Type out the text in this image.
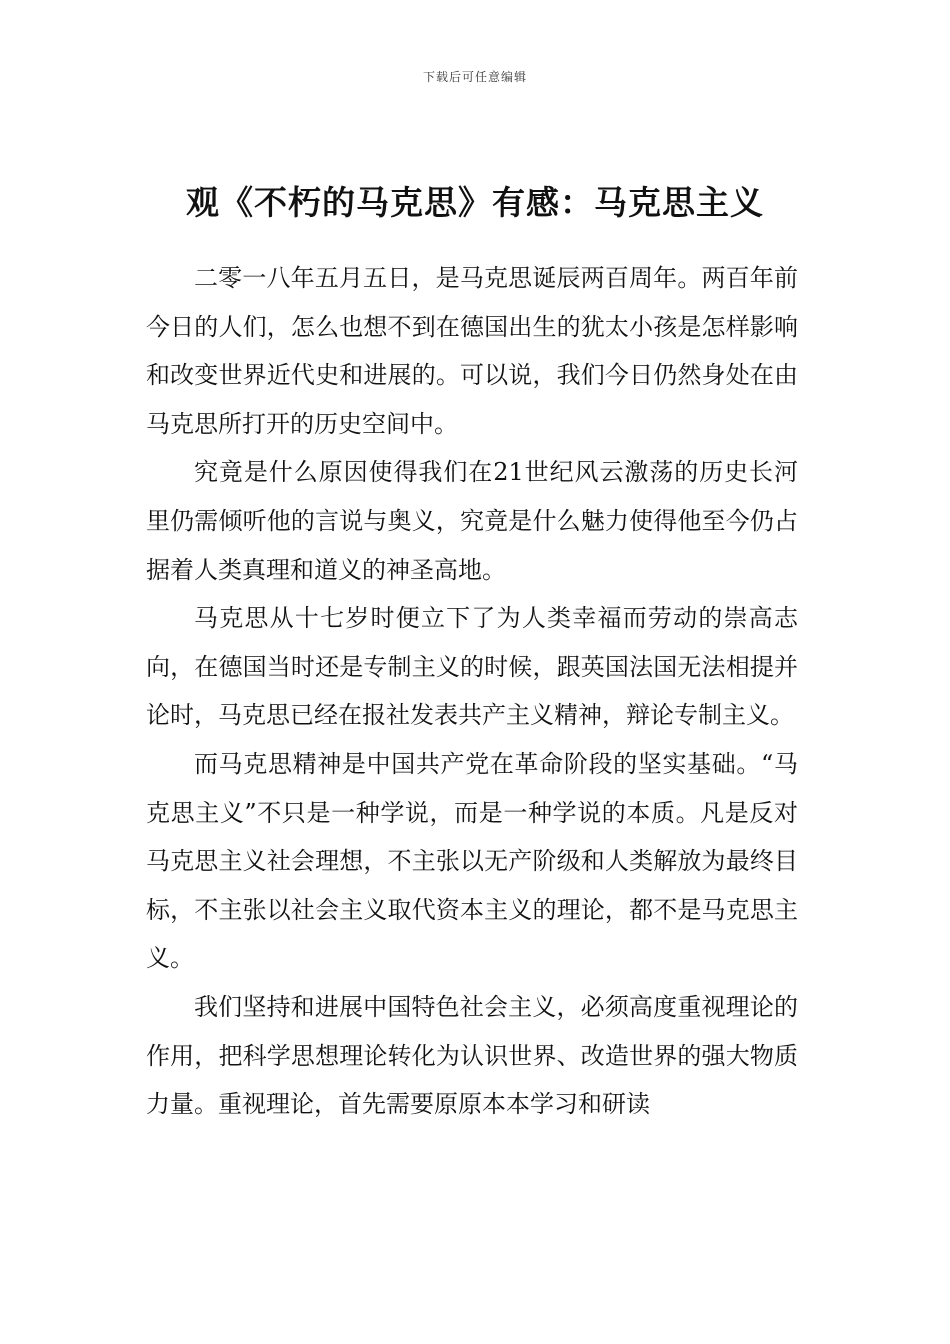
下载后可任意编辑
观《不朽的马克思》有感：马克思主义

二零一八年五月五日，是马克思诞辰两百周年。两百年前今日的人们，怎么也想不到在德国出生的犹太小孩是怎样影响和改变世界近代史和进展的。可以说，我们今日仍然身处在由马克思所打开的历史空间中。

究竟是什么原因使得我们在21世纪风云激荡的历史长河里仍需倾听他的言说与奥义，究竟是什么魅力使得他至今仍占据着人类真理和道义的神圣高地。

马克思从十七岁时便立下了为人类幸福而劳动的崇高志向，在德国当时还是专制主义的时候，跟英国法国无法相提并论时，马克思已经在报社发表共产主义精神，辩论专制主义。

而马克思精神是中国共产党在革命阶段的坚实基础。“马克思主义”不只是一种学说，而是一种学说的本质。凡是反对马克思主义社会理想，不主张以无产阶级和人类解放为最终目标，不主张以社会主义取代资本主义的理论，都不是马克思主义。

我们坚持和进展中国特色社会主义，必须高度重视理论的作用，把科学思想理论转化为认识世界、改造世界的强大物质力量。重视理论，首先需要原原本本学习和研读
